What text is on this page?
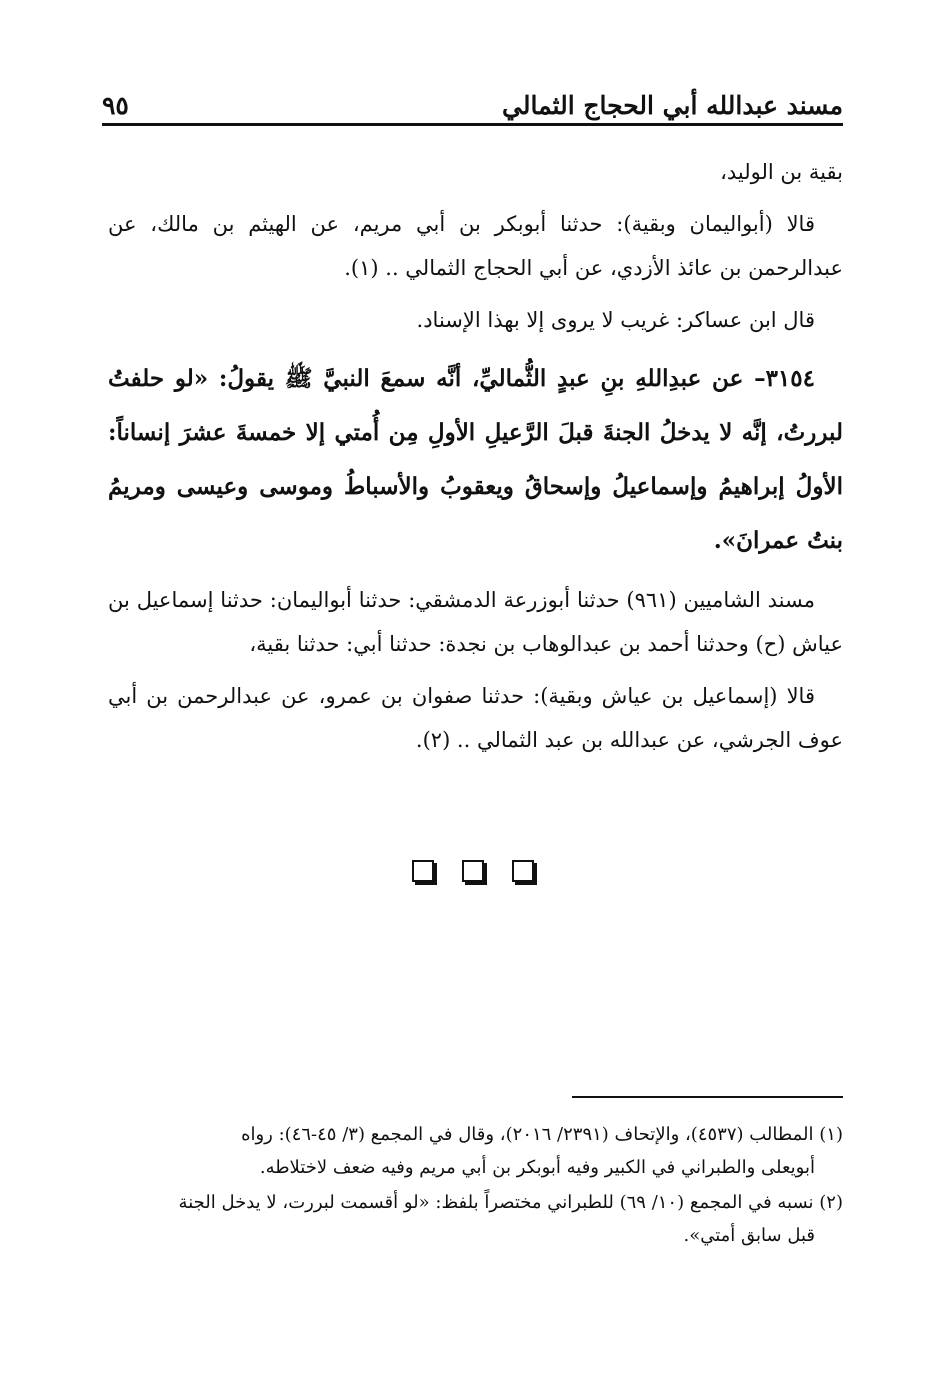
مسند عبدالله أبي الحجاج الثمالي
٩٥

بقية بن الوليد،

قالا (أبواليمان وبقية): حدثنا أبوبكر بن أبي مريم، عن الهيثم بن مالك، عن عبدالرحمن بن عائذ الأزدي، عن أبي الحجاج الثمالي .. (١).

قال ابن عساكر: غريب لا يروى إلا بهذا الإسناد.

٣١٥٤– عن عبدِاللهِ بنِ عبدٍ الثُّماليِّ، أنَّه سمعَ النبيَّ ﷺ يقولُ: «لو حلفتُ لبررتُ، إنَّه لا يدخلُ الجنةَ قبلَ الرَّعيلِ الأولِ مِن أُمتي إلا خمسةَ عشرَ إنساناً: الأولُ إبراهيمُ وإسماعيلُ وإسحاقُ ويعقوبُ والأسباطُ وموسى وعيسى ومريمُ بنتُ عمرانَ».

مسند الشاميين (٩٦١) حدثنا أبوزرعة الدمشقي: حدثنا أبواليمان: حدثنا إسماعيل بن عياش (ح) وحدثنا أحمد بن عبدالوهاب بن نجدة: حدثنا أبي: حدثنا بقية،

قالا (إسماعيل بن عياش وبقية): حدثنا صفوان بن عمرو، عن عبدالرحمن بن أبي عوف الجرشي، عن عبدالله بن عبد الثمالي .. (٢).

(١) المطالب (٤٥٣٧)، والإتحاف (٢٣٩١/ ٢٠١٦)، وقال في المجمع (٣/ ٤٥-٤٦): رواه
أبويعلى والطبراني في الكبير وفيه أبوبكر بن أبي مريم وفيه ضعف لاختلاطه.

(٢) نسبه في المجمع (١٠/ ٦٩) للطبراني مختصراً بلفظ: «لو أقسمت لبررت، لا يدخل الجنة
قبل سابق أمتي».
